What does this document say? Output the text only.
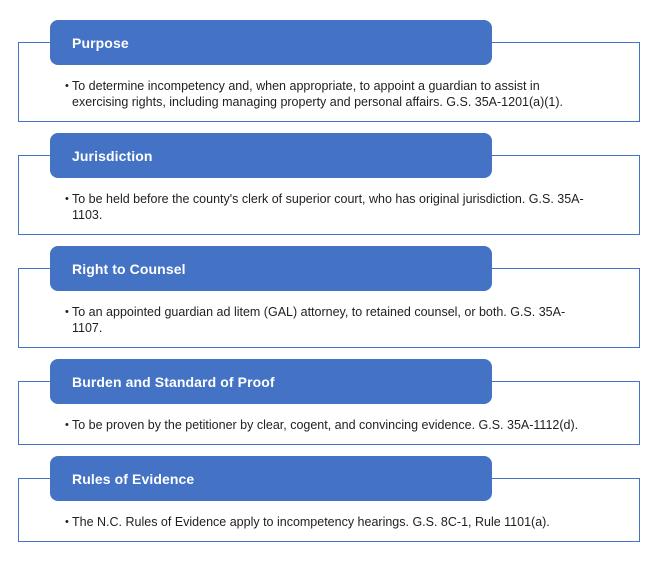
Purpose
• To determine incompetency and, when appropriate, to appoint a guardian to assist in exercising rights, including managing property and personal affairs. G.S. 35A-1201(a)(1).
Jurisdiction
• To be held before the county's clerk of superior court, who has original jurisdiction. G.S. 35A-1103.
Right to Counsel
• To an appointed guardian ad litem (GAL) attorney, to retained counsel, or both. G.S. 35A-1107.
Burden and Standard of Proof
• To be proven by the petitioner by clear, cogent, and convincing evidence. G.S. 35A-1112(d).
Rules of Evidence
• The N.C. Rules of Evidence apply to incompetency hearings. G.S. 8C-1, Rule 1101(a).
